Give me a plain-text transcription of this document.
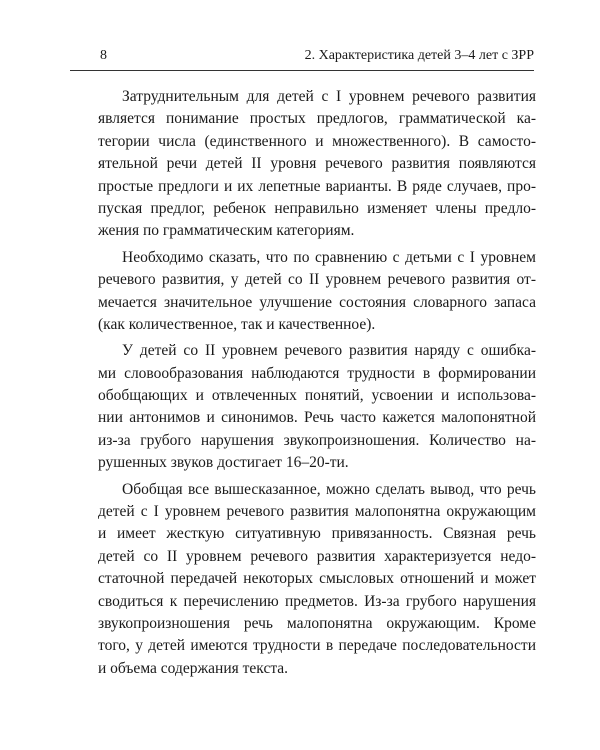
8	2. Характеристика детей 3–4 лет с ЗРР
Затруднительным для детей с I уровнем речевого развития
является понимание простых предлогов, грамматической ка-
тегории числа (единственного и множественного). В самосто-
ятельной речи детей II уровня речевого развития появляются
простые предлоги и их лепетные варианты. В ряде случаев, про-
пуская предлог, ребенок неправильно изменяет члены предло-
жения по грамматическим категориям.
Необходимо сказать, что по сравнению с детьми с I уровнем
речевого развития, у детей со II уровнем речевого развития от-
мечается значительное улучшение состояния словарного запаса
(как количественное, так и качественное).
У детей со II уровнем речевого развития наряду с ошибка-
ми словообразования наблюдаются трудности в формировании
обобщающих и отвлеченных понятий, усвоении и использова-
нии антонимов и синонимов. Речь часто кажется малопонятной
из-за грубого нарушения звукопроизношения. Количество на-
рушенных звуков достигает 16–20-ти.
Обобщая все вышесказанное, можно сделать вывод, что речь
детей с I уровнем речевого развития малопонятна окружающим
и имеет жесткую ситуативную привязанность. Связная речь
детей со II уровнем речевого развития характеризуется недо-
статочной передачей некоторых смысловых отношений и может
сводиться к перечислению предметов. Из-за грубого нарушения
звукопроизношения речь малопонятна окружающим. Кроме
того, у детей имеются трудности в передаче последовательности
и объема содержания текста.
